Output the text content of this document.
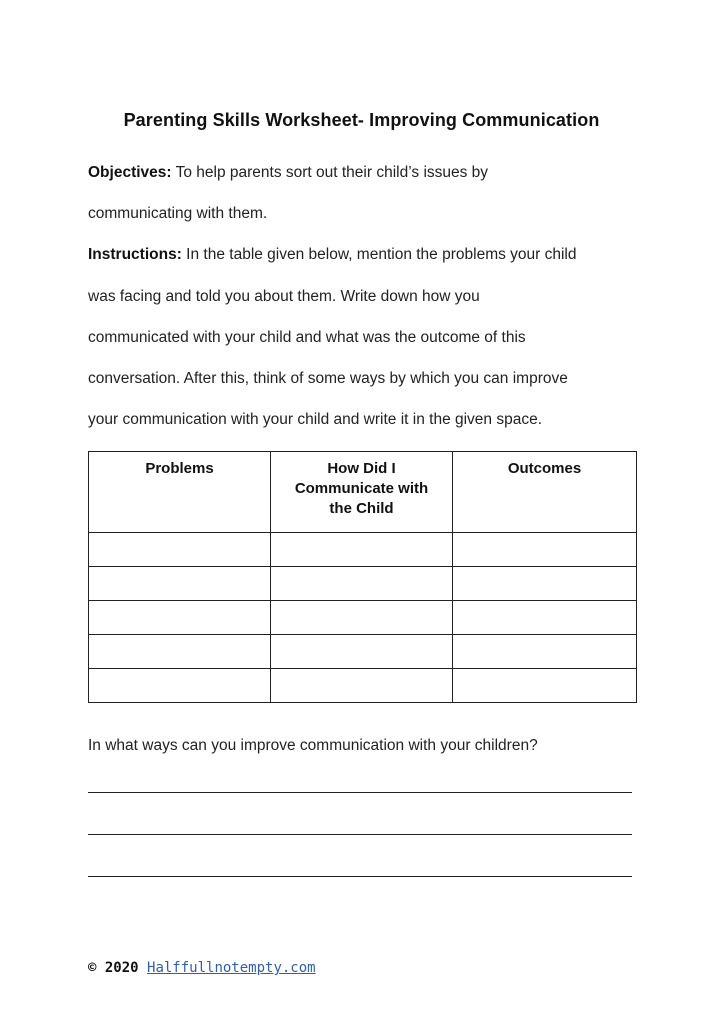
Parenting Skills Worksheet- Improving Communication
Objectives: To help parents sort out their child’s issues by
communicating with them.
Instructions: In the table given below, mention the problems your child
was facing and told you about them. Write down how you
communicated with your child and what was the outcome of this
conversation. After this, think of some ways by which you can improve
your communication with your child and write it in the given space.
Problems	How Did I
Communicate with
the Child	Outcomes

In what ways can you improve communication with your children?
© 2020 Halffullnotempty.com
